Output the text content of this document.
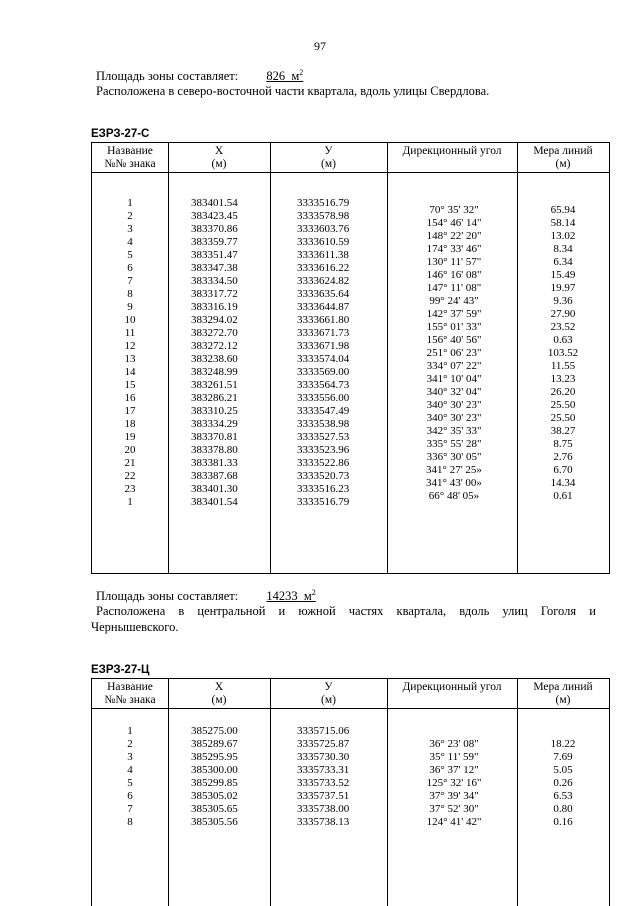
97
Площадь зоны составляет: 826 $м^2$
Расположена в северо-восточной части квартала, вдоль улицы Свердлова.
ЕЗРЗ-27-С
Название
№№ знака
Х
(м)
У
(м)
Дирекционный угол	Мера линий
(м)
1
2
3
4
5
6
7
8
9
10
11
12
13
14
15
16
17
18
19
20
21
22
23
1
383401.54
383423.45
383370.86
383359.77
383351.47
383347.38
383334.50
383317.72
383316.19
383294.02
383272.70
383272.12
383238.60
383248.99
383261.51
383286.21
383310.25
383334.29
383370.81
383378.80
383381.33
383387.68
383401.30
383401.54
3333516.79
3333578.98
3333603.76
3333610.59
3333611.38
3333616.22
3333624.82
3333635.64
3333644.87
3333661.80
3333671.73
3333671.98
3333574.04
3333569.00
3333564.73
3333556.00
3333547.49
3333538.98
3333527.53
3333523.96
3333522.86
3333520.73
3333516.23
3333516.79
70° 35' 32"
154° 46' 14"
148° 22' 20"
174° 33' 46"
130° 11' 57"
146° 16' 08"
147° 11' 08"
99° 24' 43"
142° 37' 59"
155° 01' 33"
156° 40' 56"
251° 06' 23"
334° 07' 22"
341° 10' 04"
340° 32' 04"
340° 30' 23"
340° 30' 23"
342° 35' 33"
335° 55' 28"
336° 30' 05"
341° 27' 25»
341° 43' 00»
66° 48' 05»
65.94
58.14
13.02
8.34
6.34
15.49
19.97
9.36
27.90
23.52
0.63
103.52
11.55
13.23
26.20
25.50
25.50
38.27
8.75
2.76
6.70
14.34
0.61
Площадь зоны составляет: 14233 $м^2$
Расположена в центральной и южной частях квартала, вдоль улиц Гоголя и
Чернышевского.
ЕЗРЗ-27-Ц
Название
№№ знака
Х
(м)
У
(м)
Дирекционный угол	Мера линий
(м)
1
2
3
4
5
6
7
8
385275.00
385289.67
385295.95
385300.00
385299.85
385305.02
385305.65
385305.56
3335715.06
3335725.87
3335730.30
3335733.31
3335733.52
3335737.51
3335738.00
3335738.13
36° 23' 08"
35° 11' 59"
36° 37' 12"
125° 32' 16"
37° 39' 34"
37° 52' 30"
124° 41' 42"
18.22
7.69
5.05
0.26
6.53
0.80
0.16
